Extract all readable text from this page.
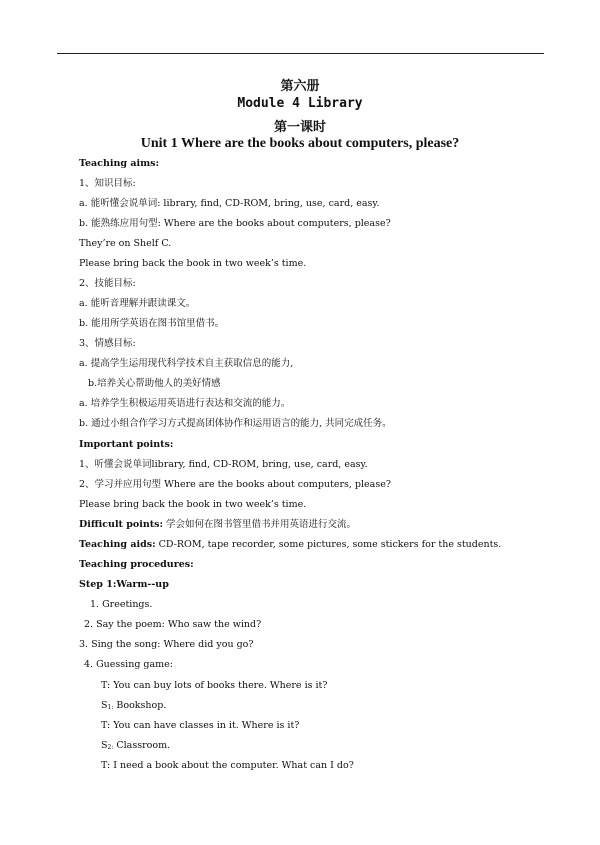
第六册
Module 4 Library
第一课时
Unit 1 Where are the books about computers, please?
Teaching aims:
1、知识目标:
a. 能听懂会说单词: library, find, CD-ROM, bring, use, card, easy.
b. 能熟练应用句型: Where are the books about computers, please?
They’re on Shelf C.
Please bring back the book in two week’s time.
2、技能目标:
a. 能听音理解并跟读课文。
b. 能用所学英语在图书馆里借书。
3、情感目标:
a. 提高学生运用现代科学技术自主获取信息的能力,
b.培养关心帮助他人的美好情感
a. 培养学生积极运用英语进行表达和交流的能力。
b. 通过小组合作学习方式提高团体协作和运用语言的能力, 共同完成任务。
Important points:
1、听懂会说单词library, find, CD-ROM, bring, use, card, easy.
2、学习并应用句型 Where are the books about computers, please?
Please bring back the book in two week’s time.
Difficult points: 学会如何在图书管里借书并用英语进行交流。
Teaching aids: CD-ROM, tape recorder, some pictures, some stickers for the students.
Teaching procedures:
Step 1:Warm--up
1. Greetings.
2. Say the poem: Who saw the wind?
3. Sing the song: Where did you go?
4. Guessing game:
T: You can buy lots of books there. Where is it?
S1: Bookshop.
T: You can have classes in it. Where is it?
S2: Classroom.
T: I need a book about the computer. What can I do?
